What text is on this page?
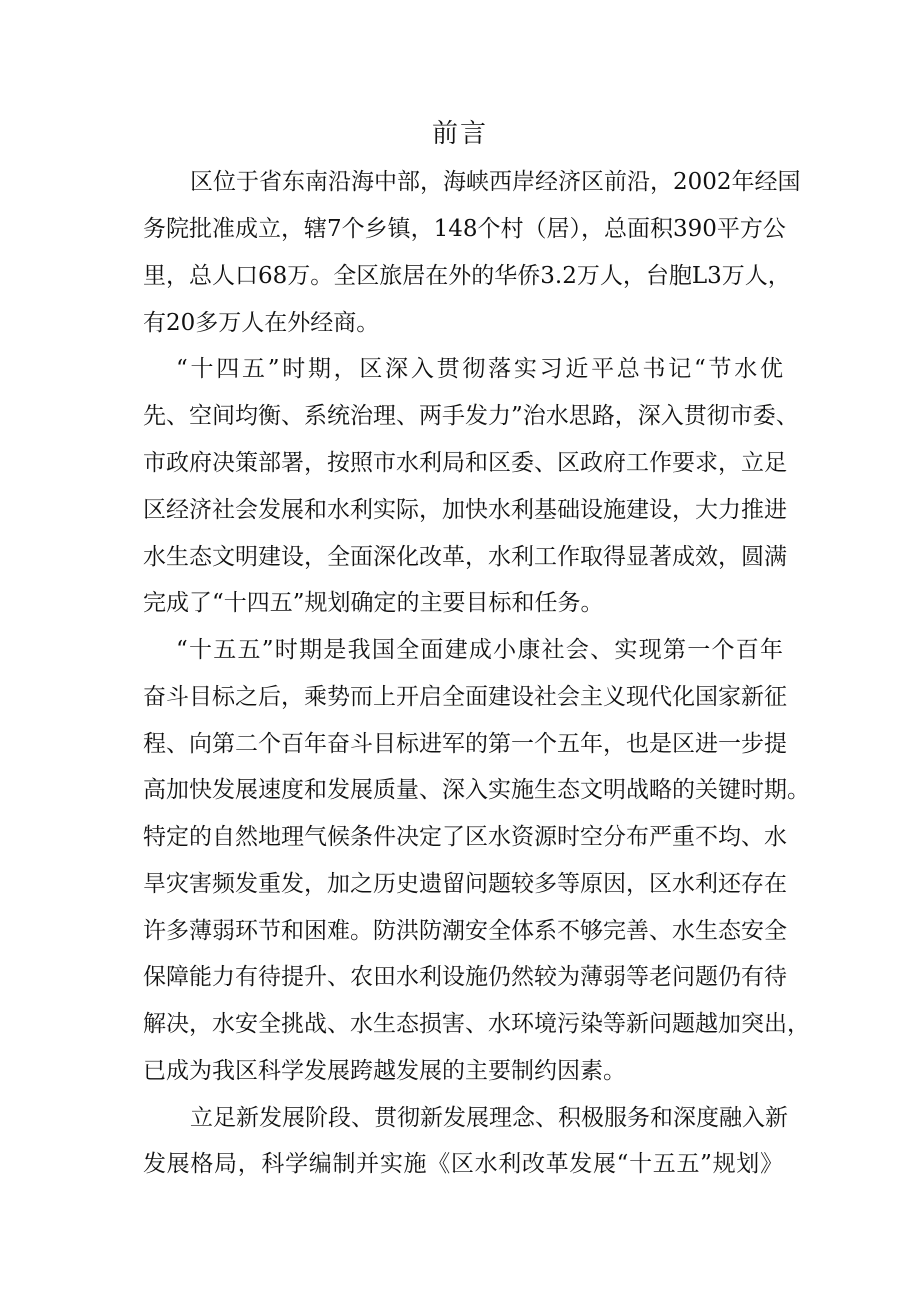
前言
区位于省东南沿海中部，海峡西岸经济区前沿，2002年经国
务院批准成立，辖7个乡镇，148个村（居），总面积390平方公
里，总人口68万。全区旅居在外的华侨3.2万人，台胞L3万人，
有20多万人在外经商。
“十四五”时期，区深入贯彻落实习近平总书记“节水优
先、空间均衡、系统治理、两手发力”治水思路，深入贯彻市委、
市政府决策部署，按照市水利局和区委、区政府工作要求，立足
区经济社会发展和水利实际，加快水利基础设施建设，大力推进
水生态文明建设，全面深化改革，水利工作取得显著成效，圆满
完成了“十四五”规划确定的主要目标和任务。
“十五五”时期是我国全面建成小康社会、实现第一个百年
奋斗目标之后，乘势而上开启全面建设社会主义现代化国家新征
程、向第二个百年奋斗目标进军的第一个五年，也是区进一步提
高加快发展速度和发展质量、深入实施生态文明战略的关键时期。
特定的自然地理气候条件决定了区水资源时空分布严重不均、水
旱灾害频发重发，加之历史遗留问题较多等原因，区水利还存在
许多薄弱环节和困难。防洪防潮安全体系不够完善、水生态安全
保障能力有待提升、农田水利设施仍然较为薄弱等老问题仍有待
解决，水安全挑战、水生态损害、水环境污染等新问题越加突出，
已成为我区科学发展跨越发展的主要制约因素。
立足新发展阶段、贯彻新发展理念、积极服务和深度融入新
发展格局，科学编制并实施《区水利改革发展“十五五”规划》
